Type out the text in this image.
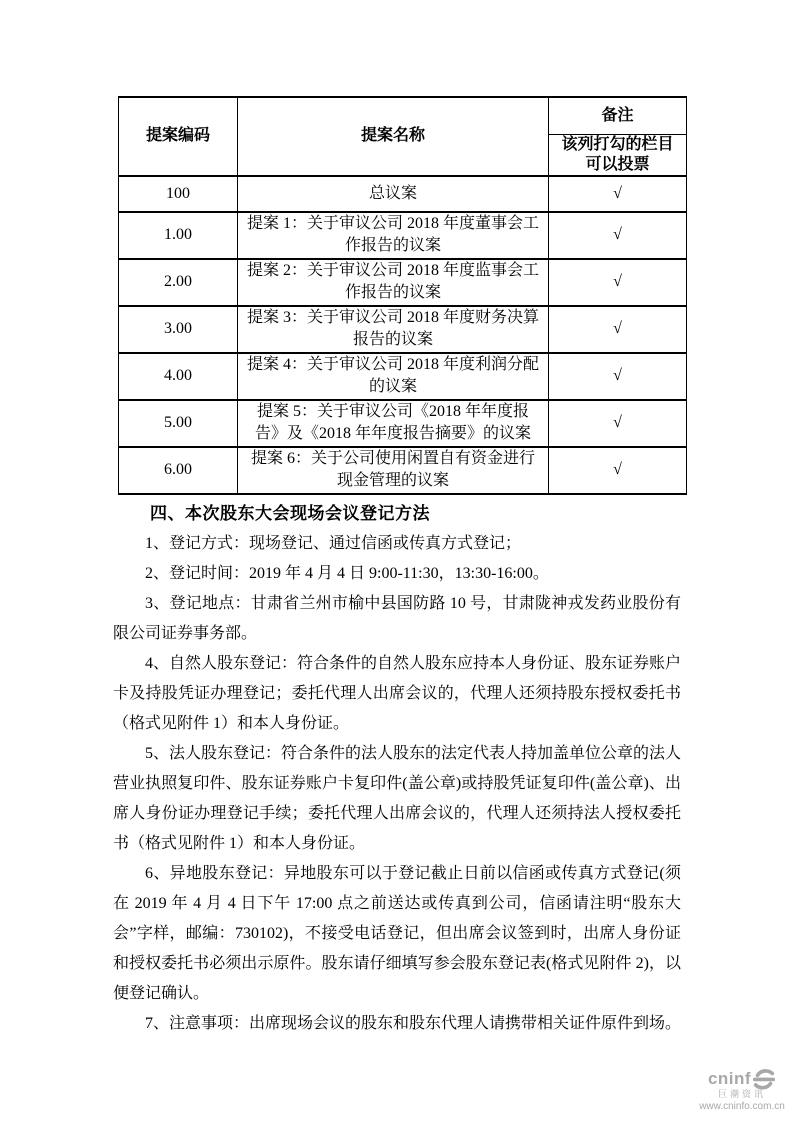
提案编码	提案名称	备注
		该列打勾的栏目可以投票
100	总议案	√
1.00	提案 1：关于审议公司 2018 年度董事会工作报告的议案	√
2.00	提案 2：关于审议公司 2018 年度监事会工作报告的议案	√
3.00	提案 3：关于审议公司 2018 年度财务决算报告的议案	√
4.00	提案 4：关于审议公司 2018 年度利润分配的议案	√
5.00	提案 5：关于审议公司《2018 年年度报告》及《2018 年年度报告摘要》的议案	√
6.00	提案 6：关于公司使用闲置自有资金进行现金管理的议案	√
四、本次股东大会现场会议登记方法

1、登记方式：现场登记、通过信函或传真方式登记；

2、登记时间：2019 年 4 月 4 日 9:00-11:30，13:30-16:00。

3、登记地点：甘肃省兰州市榆中县国防路 10 号，甘肃陇神戎发药业股份有限公司证券事务部。

4、自然人股东登记：符合条件的自然人股东应持本人身份证、股东证券账户卡及持股凭证办理登记；委托代理人出席会议的，代理人还须持股东授权委托书（格式见附件 1）和本人身份证。

5、法人股东登记：符合条件的法人股东的法定代表人持加盖单位公章的法人营业执照复印件、股东证券账户卡复印件(盖公章)或持股凭证复印件(盖公章)、出席人身份证办理登记手续；委托代理人出席会议的，代理人还须持法人授权委托书（格式见附件 1）和本人身份证。

6、异地股东登记：异地股东可以于登记截止日前以信函或传真方式登记(须在 2019 年 4 月 4 日下午 17:00 点之前送达或传真到公司，信函请注明“股东大会”字样，邮编：730102)，不接受电话登记，但出席会议签到时，出席人身份证和授权委托书必须出示原件。股东请仔细填写参会股东登记表(格式见附件 2)，以便登记确认。

7、注意事项：出席现场会议的股东和股东代理人请携带相关证件原件到场。

cninf
巨潮资讯
www.cninfo.com.cn
